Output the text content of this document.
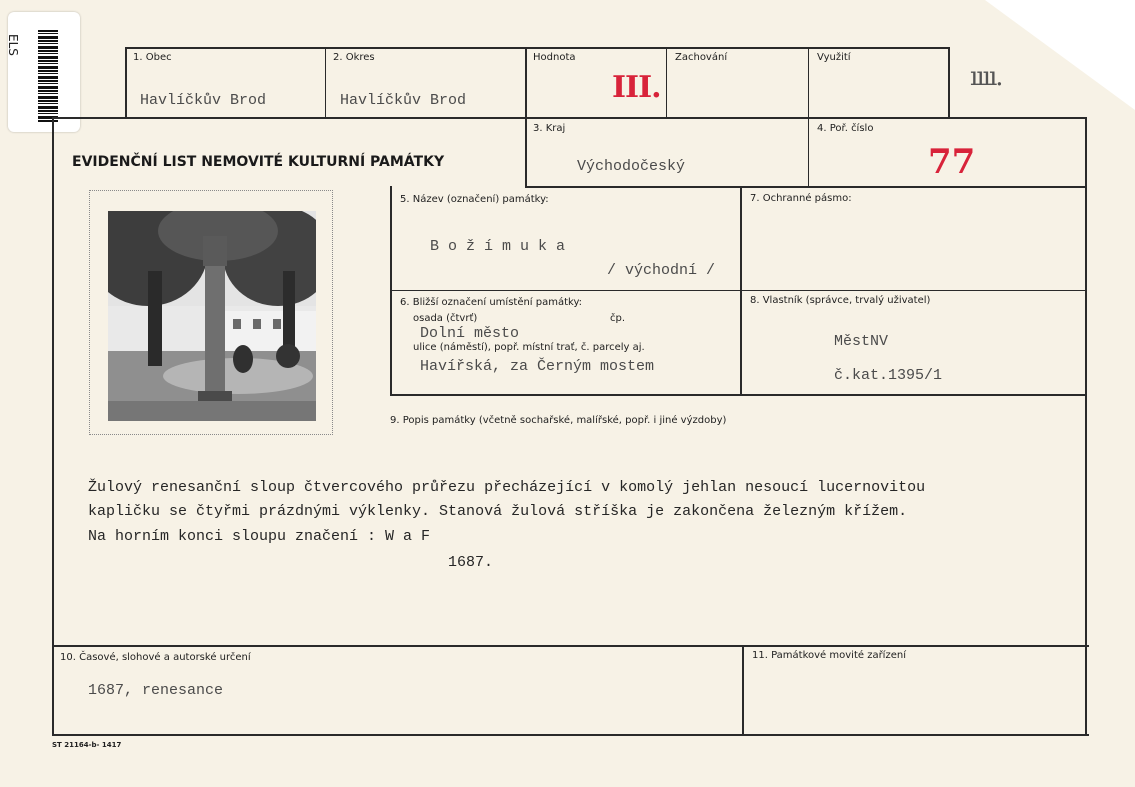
ELS
1. Obec
Havlíčkův Brod
2. Okres
Havlíčkův Brod
Hodnota
III.
Zachování	Využití
ıııı.
EVIDENČNÍ LIST NEMOVITÉ KULTURNÍ PAMÁTKY
3. Kraj
Východočeský
4. Poř. číslo
77
5. Název (označení) památky:
B o ž í m u k a
/ východní /
7. Ochranné pásmo:
6. Bližší označení umístění památky:
osada (čtvrť)	čp.
Dolní město
ulice (náměstí), popř. místní trať, č. parcely aj.
Havířská, za Černým mostem
8. Vlastník (správce, trvalý uživatel)
MěstNV
č.kat.1395/1
9. Popis památky (včetně sochařské, malířské, popř. i jiné výzdoby)
Žulový renesanční sloup čtvercového průřezu přecházející v komolý jehlan nesoucí lucernovitou
kapličku se čtyřmi prázdnými výklenky. Stanová žulová stříška je zakončena železným křížem.
Na horním konci sloupu značení : W a F
1687.
10. Časové, slohové a autorské určení
1687, renesance
11. Památkové movité zařízení
ST 21164-b- 1417
